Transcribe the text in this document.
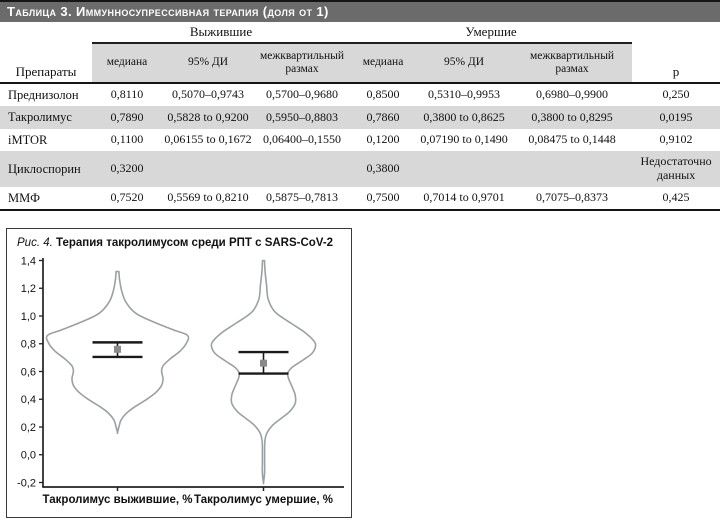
Таблица 3. Иммунносупрессивная терапия (доля от 1)
Препараты	Выжившие			Умершие			p
	медиана	95% ДИ	межквартильный размах	медиана	95% ДИ	межквартильный размах	
Преднизолон	0,8110	0,5070–0,9743	0,5700–0,9680	0,8500	0,5310–0,9953	0,6980–0,9900	0,250
Такролимус	0,7890	0,5828 to 0,9200	0,5950–0,8803	0,7860	0,3800 to 0,8625	0,3800 to 0,8295	0,0195
iMTOR	0,1100	0,06155 to 0,1672	0,06400–0,1550	0,1200	0,07190 to 0,1490	0,08475 to 0,1448	0,9102
Циклоспорин	0,3200			0,3800			Недостаточно данных
ММФ	0,7520	0,5569 to 0,8210	0,5875–0,7813	0,7500	0,7014 to 0,9701	0,7075–0,8373	0,425
1,4
1,2
1,0
0,8
0,6
0,4
0,2
0,0
-0,2
Такролимус выжившие, % Такролимус умершие, %
Рис. 4. Терапия такролимусом среди РПТ с SARS-CoV-2
